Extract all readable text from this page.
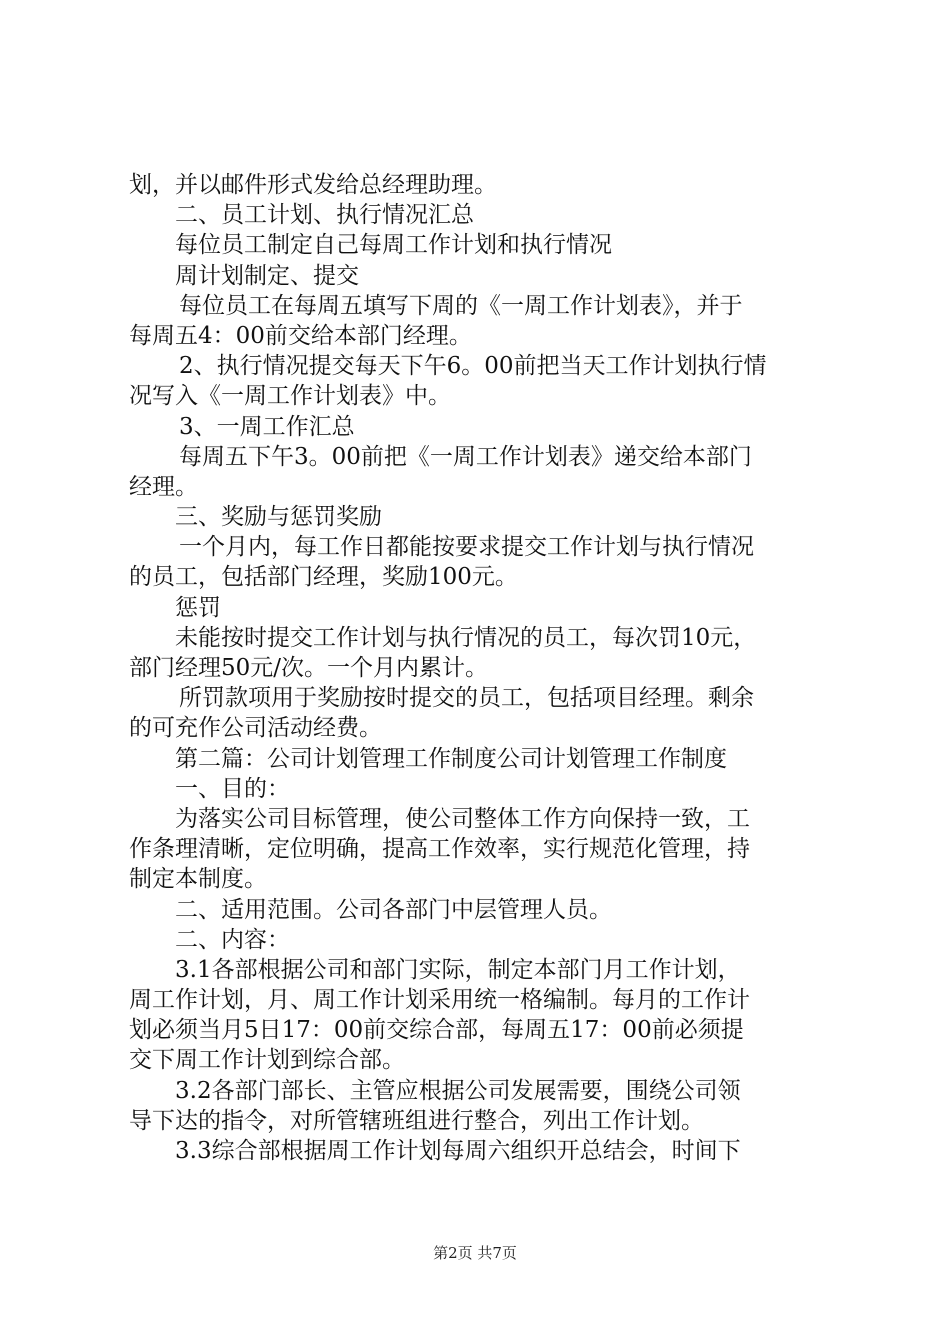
划，并以邮件形式发给总经理助理。
二、员工计划、执行情况汇总
每位员工制定自己每周工作计划和执行情况
周计划制定、提交
每位员工在每周五填写下周的《一周工作计划表》，并于
每周五4：00前交给本部门经理。
2、执行情况提交每天下午6。00前把当天工作计划执行情
况写入《一周工作计划表》中。
3、一周工作汇总
每周五下午3。00前把《一周工作计划表》递交给本部门
经理。
三、奖励与惩罚奖励
一个月内，每工作日都能按要求提交工作计划与执行情况
的员工，包括部门经理，奖励100元。
惩罚
未能按时提交工作计划与执行情况的员工，每次罚10元，
部门经理50元/次。一个月内累计。
所罚款项用于奖励按时提交的员工，包括项目经理。剩余
的可充作公司活动经费。
第二篇：公司计划管理工作制度公司计划管理工作制度
一、目的：
为落实公司目标管理，使公司整体工作方向保持一致，工
作条理清晰，定位明确，提高工作效率，实行规范化管理，持
制定本制度。
二、适用范围。公司各部门中层管理人员。
二、内容：
3.1各部根据公司和部门实际，制定本部门月工作计划，
周工作计划，月、周工作计划采用统一格编制。每月的工作计
划必须当月5日17：00前交综合部，每周五17：00前必须提
交下周工作计划到综合部。
3.2各部门部长、主管应根据公司发展需要，围绕公司领
导下达的指令，对所管辖班组进行整合，列出工作计划。
3.3综合部根据周工作计划每周六组织开总结会，时间下
第2页 共7页
